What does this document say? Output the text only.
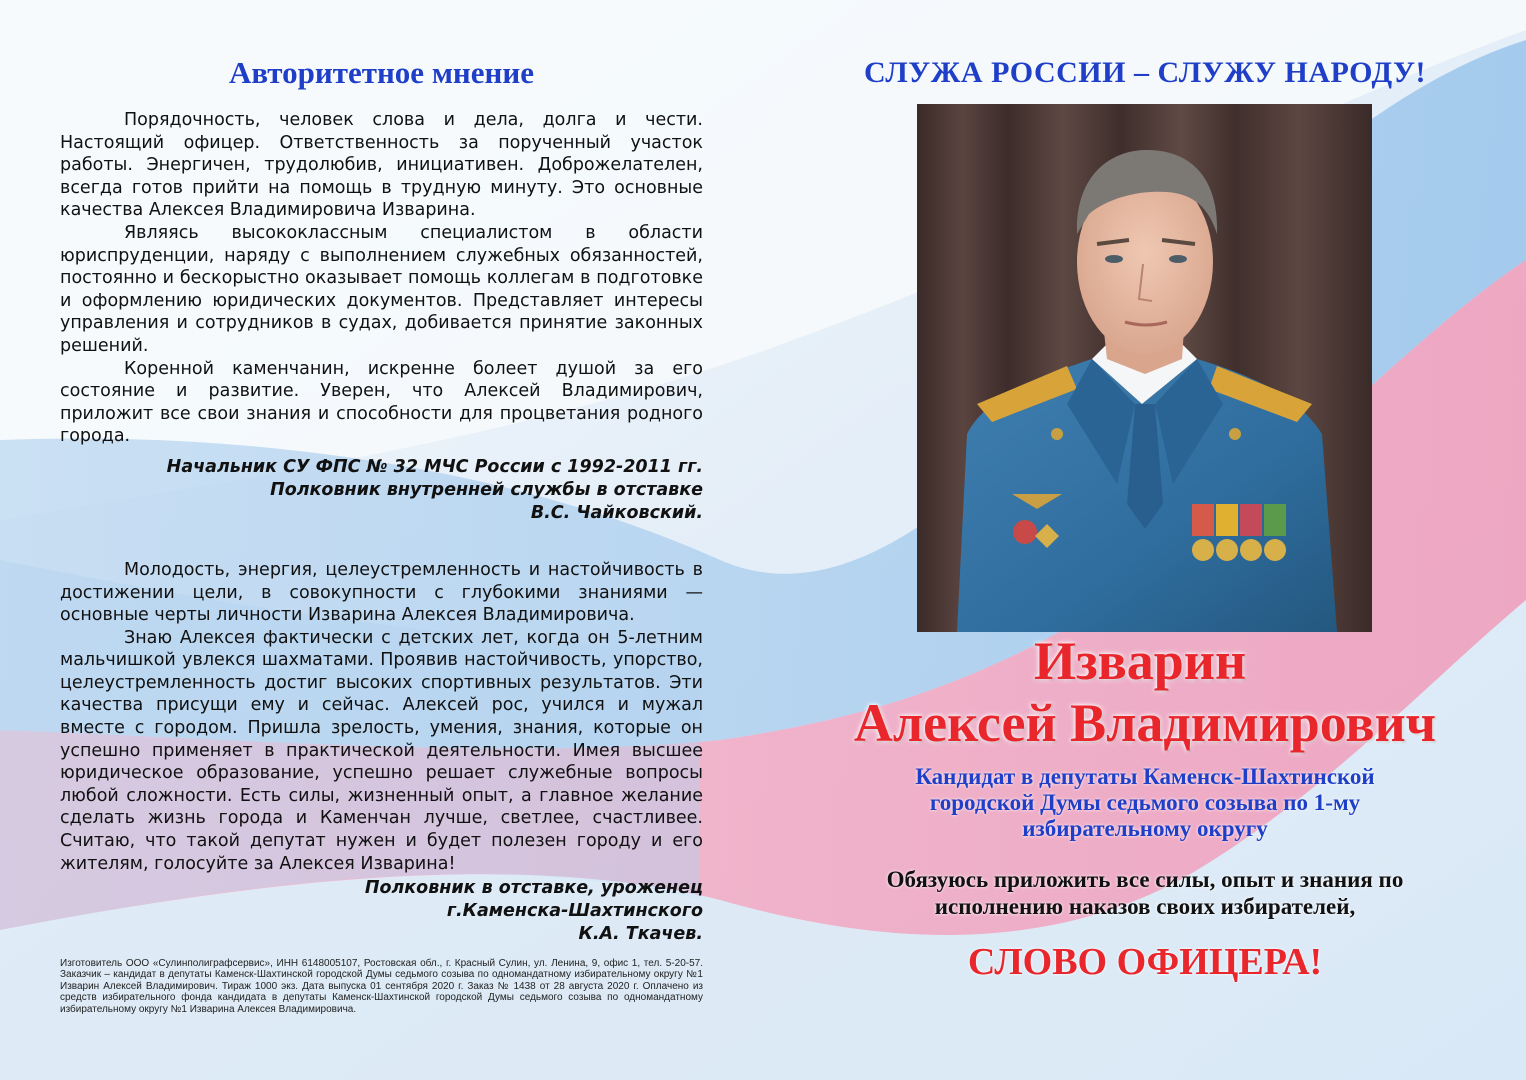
Авторитетное мнение

Порядочность, человек слова и дела, долга и чести. Настоящий офицер. Ответственность за порученный участок работы. Энергичен, трудолюбив, инициативен. Доброжелателен, всегда готов прийти на помощь в трудную минуту. Это основные качества Алексея Владимировича Изварина.

Являясь высококлассным специалистом в области юриспруденции, наряду с выполнением служебных обязанностей, постоянно и бескорыстно оказывает помощь коллегам в подготовке и оформлению юридических документов. Представляет интересы управления и сотрудников в судах, добивается принятие законных решений.

Коренной каменчанин, искренне болеет душой за его состояние и развитие. Уверен, что Алексей Владимирович, приложит все свои знания и способности для процветания родного города.

Начальник СУ ФПС № 32 МЧС России с 1992-2011 гг.

Полковник внутренней службы в отставке

В.С. Чайковский.

Молодость, энергия, целеустремленность и настойчивость в достижении цели, в совокупности с глубокими знаниями — основные черты личности Изварина Алексея Владимировича.

Знаю Алексея фактически с детских лет, когда он 5-летним мальчишкой увлекся шахматами. Проявив настойчивость, упорство, целеустремленность достиг высоких спортивных результатов. Эти качества присущи ему и сейчас. Алексей рос, учился и мужал вместе с городом. Пришла зрелость, умения, знания, которые он успешно применяет в практической деятельности. Имея высшее юридическое образование, успешно решает служебные вопросы любой сложности. Есть силы, жизненный опыт, а главное желание сделать жизнь города и Каменчан лучше, светлее, счастливее. Считаю, что такой депутат нужен и будет полезен городу и его жителям, голосуйте за Алексея Изварина!

Полковник в отставке, уроженец

г.Каменска-Шахтинского

К.А. Ткачев.

Изготовитель ООО «Сулинполиграфсервис», ИНН 6148005107, Ростовская обл., г. Красный Сулин, ул. Ленина, 9, офис 1, тел. 5-20-57. Заказчик – кандидат в депутаты Каменск-Шахтинской городской Думы седьмого созыва по одномандатному избирательному округу №1 Изварин Алексей Владимирович. Тираж 1000 экз. Дата выпуска 01 сентября 2020 г. Заказ № 1438 от 28 августа 2020 г. Оплачено из средств избирательного фонда кандидата в депутаты Каменск-Шахтинской городской Думы седьмого созыва по одномандатному избирательному округу №1 Изварина Алексея Владимировича.
СЛУЖА РОССИИ – СЛУЖУ НАРОДУ!
Изварин
Алексей Владимирович
Кандидат в депутаты Каменск-Шахтинской
городской Думы седьмого созыва по 1-му
избирательному округу
Обязуюсь приложить все силы, опыт и знания по
исполнению наказов своих избирателей,
СЛОВО ОФИЦЕРА!
